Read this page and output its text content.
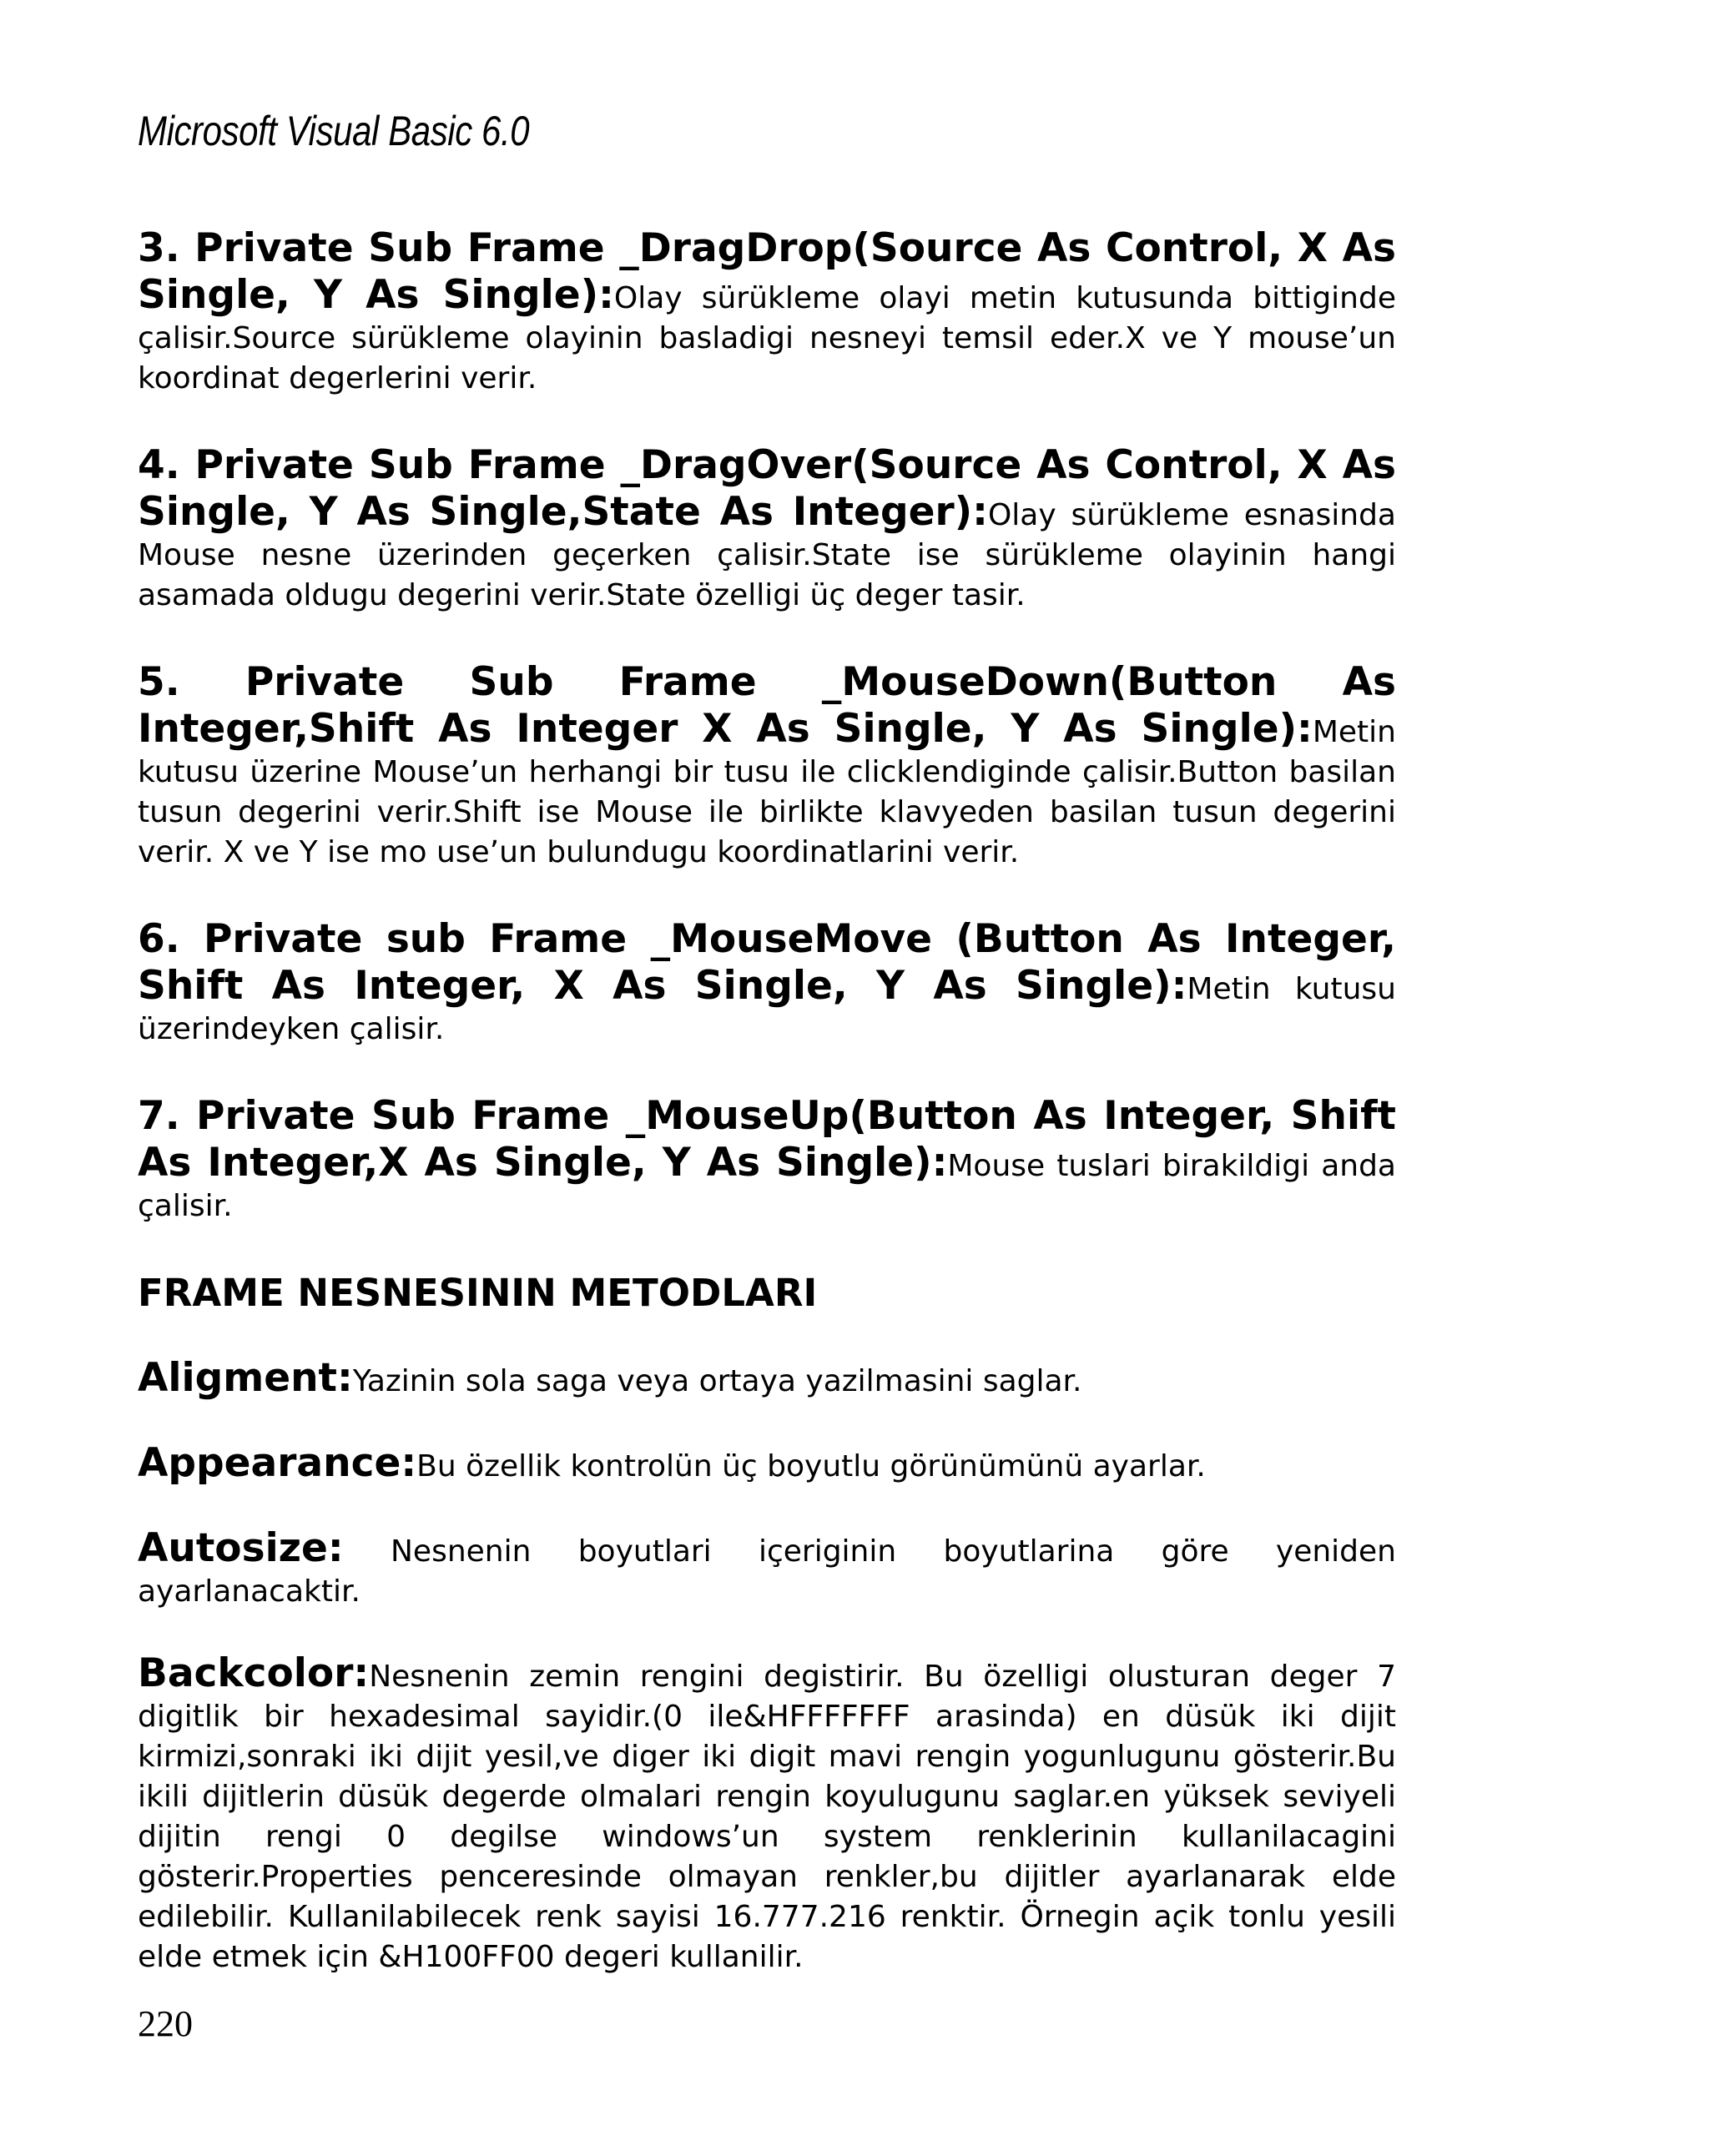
Microsoft Visual Basic 6.0

3. Private Sub Frame _DragDrop(Source As Control, X As Single, Y As Single):Olay sürükleme olayi metin kutusunda bittiginde çalisir.Source sürükleme olayinin basladigi nesneyi temsil eder.X ve Y mouse’un koordinat degerlerini verir.

4. Private Sub Frame _DragOver(Source As Control, X As Single, Y As Single,State As Integer):Olay sürükleme esnasinda Mouse nesne üzerinden geçerken çalisir.State ise sürükleme olayinin hangi asamada oldugu degerini verir.State özelligi üç deger tasir.

5. Private Sub Frame _MouseDown(Button As Integer,Shift As Integer X As Single, Y As Single):Metin kutusu üzerine Mouse’un herhangi bir tusu ile clicklendiginde çalisir.Button basilan tusun degerini verir.Shift ise Mouse ile birlikte klavyeden basilan tusun degerini verir. X ve Y ise mo use’un bulundugu koordinatlarini verir.

6. Private sub Frame _MouseMove (Button As Integer, Shift As Integer, X As Single, Y As Single):Metin kutusu üzerindeyken çalisir.

7. Private Sub Frame _MouseUp(Button As Integer, Shift As Integer,X As Single, Y As Single):Mouse tuslari birakildigi anda çalisir.

FRAME NESNESININ METODLARI

Aligment:Yazinin sola saga veya ortaya yazilmasini saglar.

Appearance:Bu özellik kontrolün üç boyutlu görünümünü ayarlar.

Autosize: Nesnenin boyutlari içeriginin boyutlarina göre yeniden ayarlanacaktir.

Backcolor:Nesnenin zemin rengini degistirir. Bu özelligi olusturan deger 7 digitlik bir hexadesimal sayidir.(0 ile&HFFFFFFF arasinda) en düsük iki dijit kirmizi,sonraki iki dijit yesil,ve diger iki digit mavi rengin yogunlugunu gösterir.Bu ikili dijitlerin düsük degerde olmalari rengin koyulugunu saglar.en yüksek seviyeli dijitin rengi 0 degilse windows’un system renklerinin kullanilacagini gösterir.Properties penceresinde olmayan renkler,bu dijitler ayarlanarak elde edilebilir. Kullanilabilecek renk sayisi 16.777.216 renktir. Örnegin açik tonlu yesili elde etmek için &H100FF00 degeri kullanilir.

220
